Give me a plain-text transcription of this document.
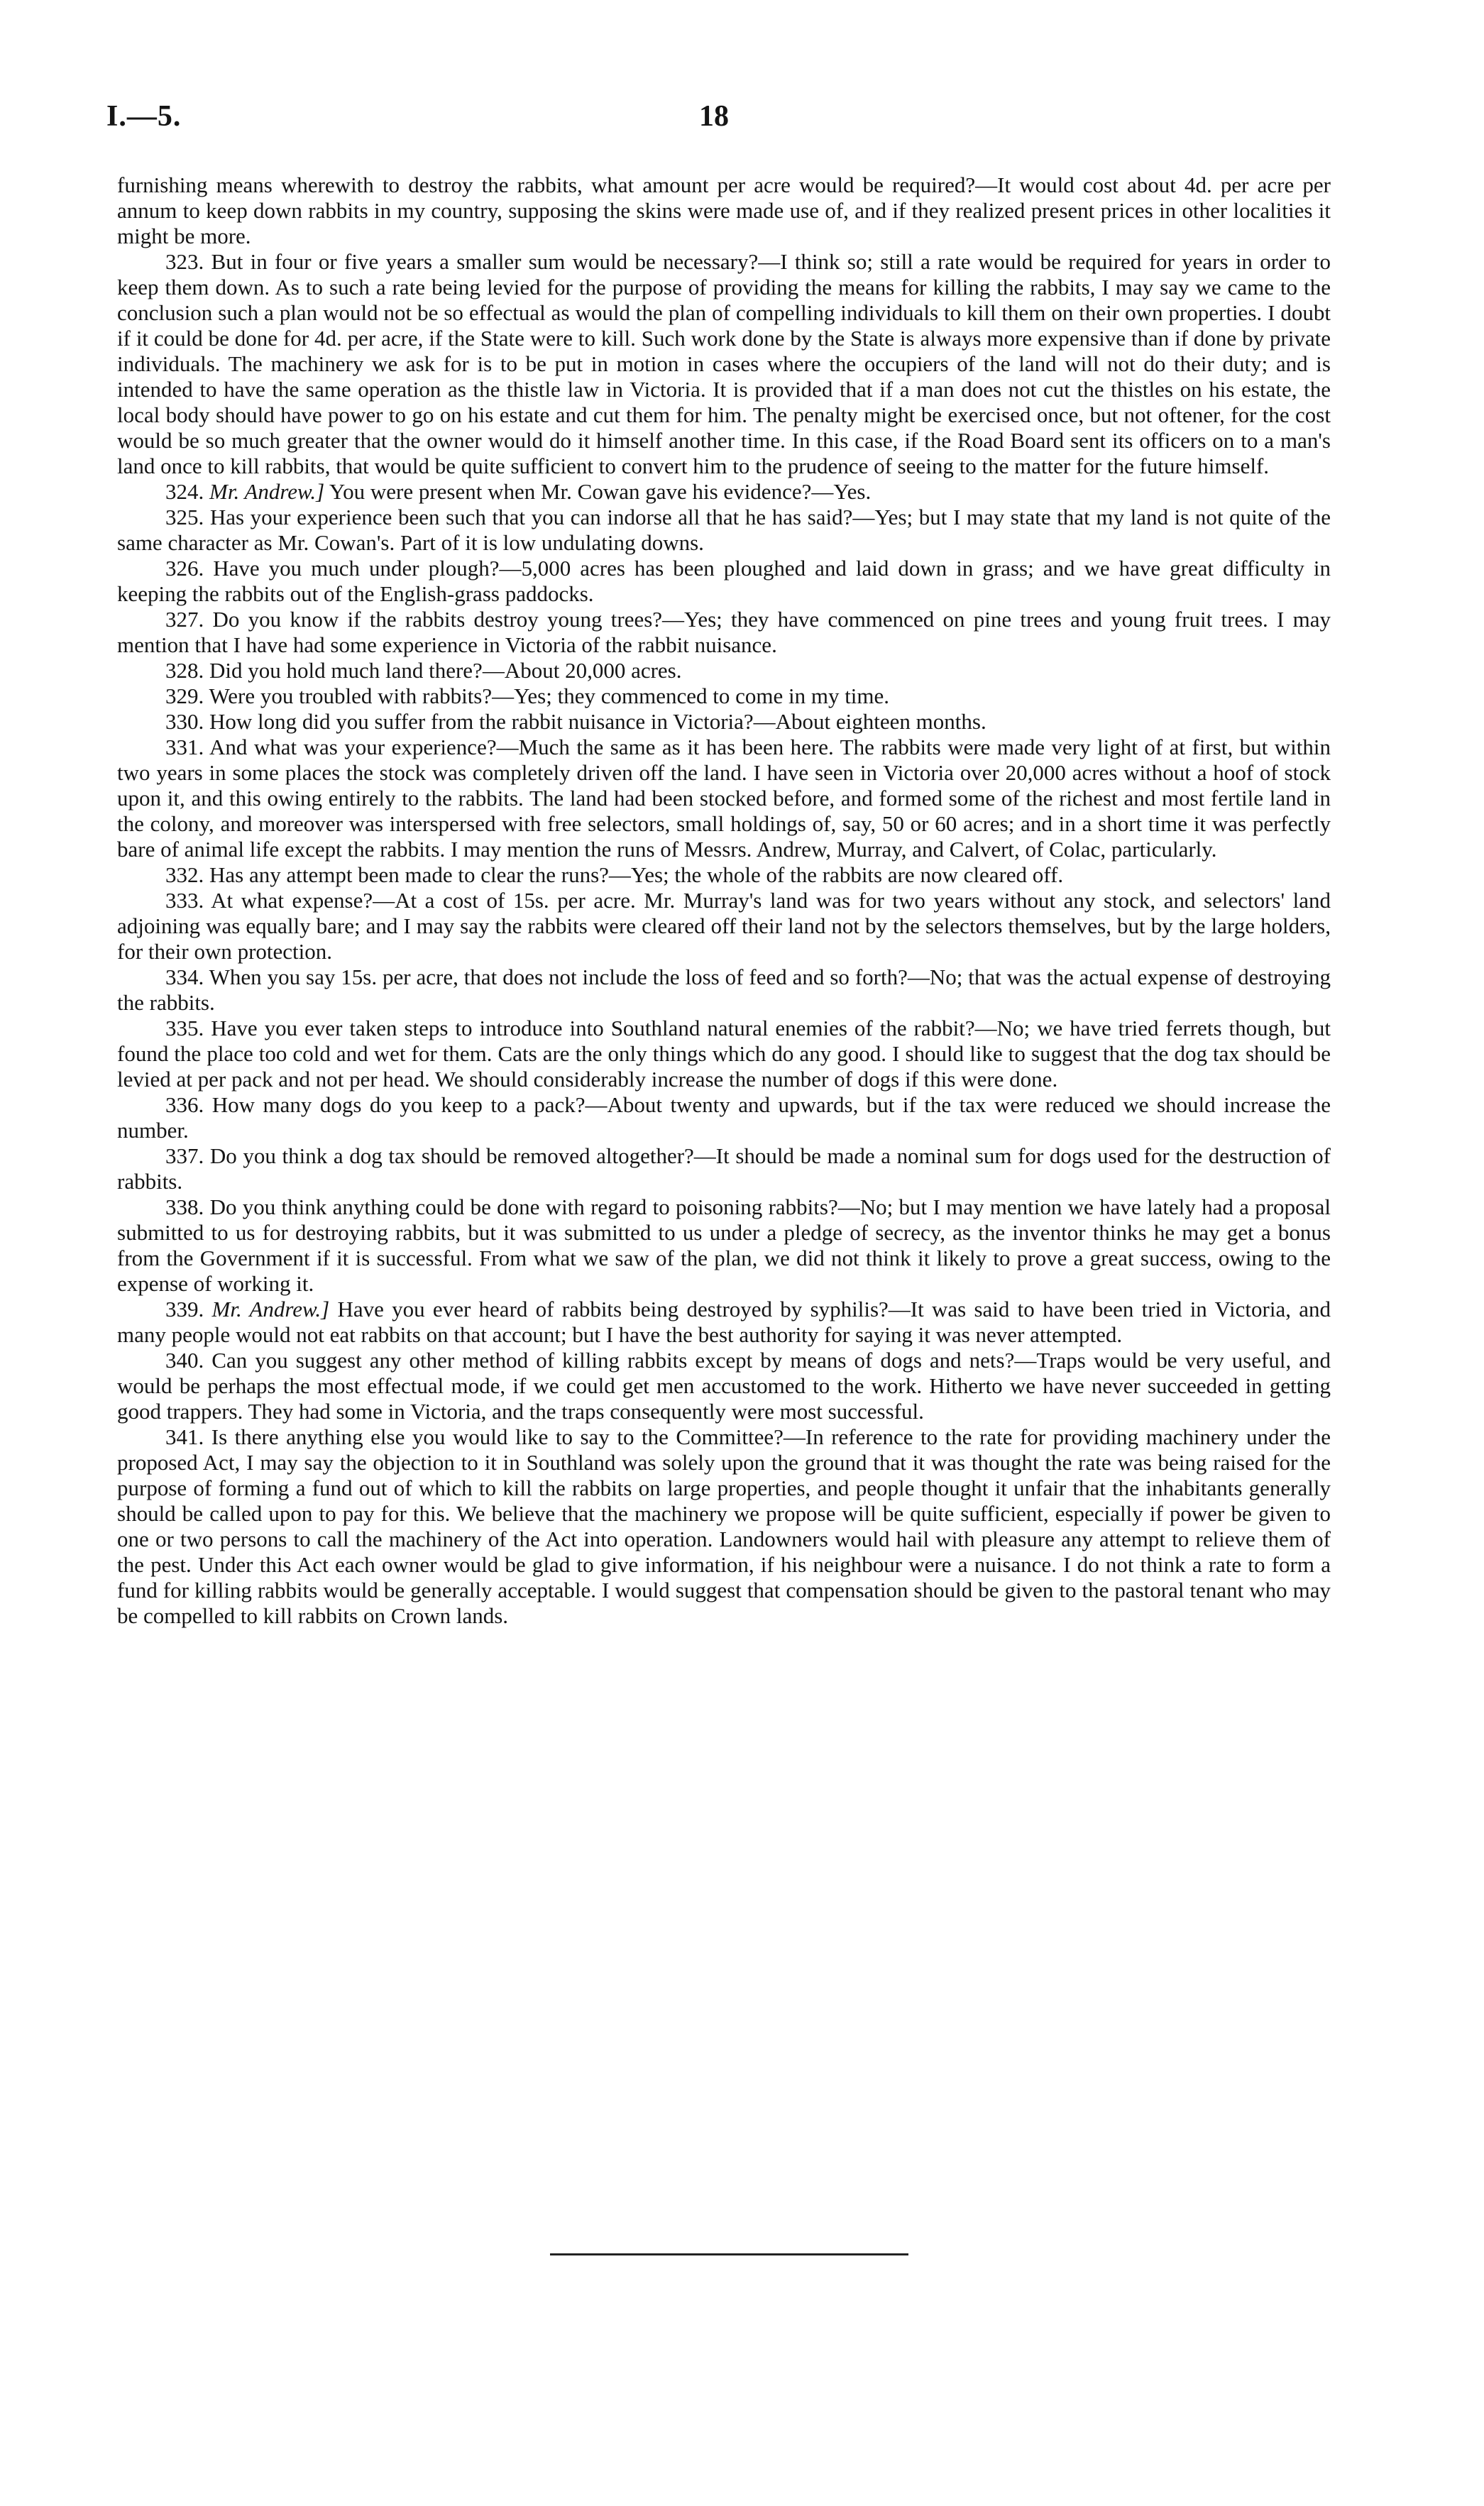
I.—5.	18

furnishing means wherewith to destroy the rabbits, what amount per acre would be required?—It would cost about 4d. per acre per annum to keep down rabbits in my country, supposing the skins were made use of, and if they realized present prices in other localities it might be more.

323. But in four or five years a smaller sum would be necessary?—I think so; still a rate would be required for years in order to keep them down. As to such a rate being levied for the purpose of providing the means for killing the rabbits, I may say we came to the conclusion such a plan would not be so effectual as would the plan of compelling individuals to kill them on their own properties. I doubt if it could be done for 4d. per acre, if the State were to kill. Such work done by the State is always more expensive than if done by private individuals. The machinery we ask for is to be put in motion in cases where the occupiers of the land will not do their duty; and is intended to have the same operation as the thistle law in Victoria. It is provided that if a man does not cut the thistles on his estate, the local body should have power to go on his estate and cut them for him. The penalty might be exercised once, but not oftener, for the cost would be so much greater that the owner would do it himself another time. In this case, if the Road Board sent its officers on to a man's land once to kill rabbits, that would be quite sufficient to convert him to the prudence of seeing to the matter for the future himself.

324. Mr. Andrew.] You were present when Mr. Cowan gave his evidence?—Yes.

325. Has your experience been such that you can indorse all that he has said?—Yes; but I may state that my land is not quite of the same character as Mr. Cowan's. Part of it is low undulating downs.

326. Have you much under plough?—5,000 acres has been ploughed and laid down in grass; and we have great difficulty in keeping the rabbits out of the English-grass paddocks.

327. Do you know if the rabbits destroy young trees?—Yes; they have commenced on pine trees and young fruit trees. I may mention that I have had some experience in Victoria of the rabbit nuisance.

328. Did you hold much land there?—About 20,000 acres.

329. Were you troubled with rabbits?—Yes; they commenced to come in my time.

330. How long did you suffer from the rabbit nuisance in Victoria?—About eighteen months.

331. And what was your experience?—Much the same as it has been here. The rabbits were made very light of at first, but within two years in some places the stock was completely driven off the land. I have seen in Victoria over 20,000 acres without a hoof of stock upon it, and this owing entirely to the rabbits. The land had been stocked before, and formed some of the richest and most fertile land in the colony, and moreover was interspersed with free selectors, small holdings of, say, 50 or 60 acres; and in a short time it was perfectly bare of animal life except the rabbits. I may mention the runs of Messrs. Andrew, Murray, and Calvert, of Colac, particularly.

332. Has any attempt been made to clear the runs?—Yes; the whole of the rabbits are now cleared off.

333. At what expense?—At a cost of 15s. per acre. Mr. Murray's land was for two years without any stock, and selectors' land adjoining was equally bare; and I may say the rabbits were cleared off their land not by the selectors themselves, but by the large holders, for their own protection.

334. When you say 15s. per acre, that does not include the loss of feed and so forth?—No; that was the actual expense of destroying the rabbits.

335. Have you ever taken steps to introduce into Southland natural enemies of the rabbit?—No; we have tried ferrets though, but found the place too cold and wet for them. Cats are the only things which do any good. I should like to suggest that the dog tax should be levied at per pack and not per head. We should considerably increase the number of dogs if this were done.

336. How many dogs do you keep to a pack?—About twenty and upwards, but if the tax were reduced we should increase the number.

337. Do you think a dog tax should be removed altogether?—It should be made a nominal sum for dogs used for the destruction of rabbits.

338. Do you think anything could be done with regard to poisoning rabbits?—No; but I may mention we have lately had a proposal submitted to us for destroying rabbits, but it was submitted to us under a pledge of secrecy, as the inventor thinks he may get a bonus from the Government if it is successful. From what we saw of the plan, we did not think it likely to prove a great success, owing to the expense of working it.

339. Mr. Andrew.] Have you ever heard of rabbits being destroyed by syphilis?—It was said to have been tried in Victoria, and many people would not eat rabbits on that account; but I have the best authority for saying it was never attempted.

340. Can you suggest any other method of killing rabbits except by means of dogs and nets?—Traps would be very useful, and would be perhaps the most effectual mode, if we could get men accustomed to the work. Hitherto we have never succeeded in getting good trappers. They had some in Victoria, and the traps consequently were most successful.

341. Is there anything else you would like to say to the Committee?—In reference to the rate for providing machinery under the proposed Act, I may say the objection to it in Southland was solely upon the ground that it was thought the rate was being raised for the purpose of forming a fund out of which to kill the rabbits on large properties, and people thought it unfair that the inhabitants generally should be called upon to pay for this. We believe that the machinery we propose will be quite sufficient, especially if power be given to one or two persons to call the machinery of the Act into operation. Landowners would hail with pleasure any attempt to relieve them of the pest. Under this Act each owner would be glad to give information, if his neighbour were a nuisance. I do not think a rate to form a fund for killing rabbits would be generally acceptable. I would suggest that compensation should be given to the pastoral tenant who may be compelled to kill rabbits on Crown lands.
